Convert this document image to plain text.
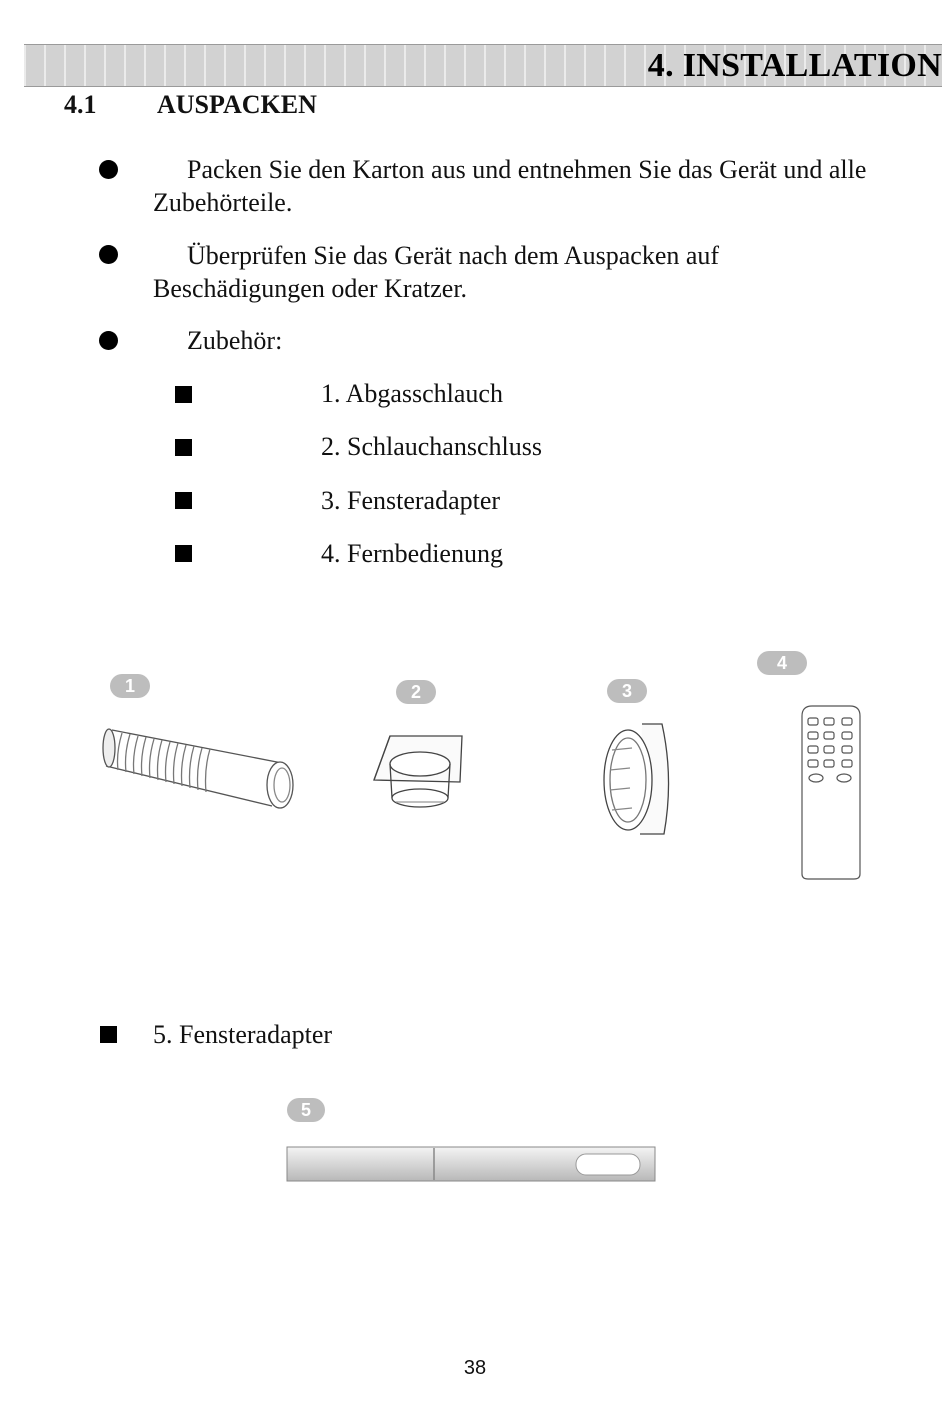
4. INSTALLATION
4.1 AUSPACKEN
Packen Sie den Karton aus und entnehmen Sie das Gerät und alle
Zubehörteile.
Überprüfen Sie das Gerät nach dem Auspacken auf
Beschädigungen oder Kratzer.
Zubehör:
1. Abgasschlauch
2. Schlauchanschluss
3. Fensteradapter
4. Fernbedienung
1	2	3
4
5. Fensteradapter
5
38
